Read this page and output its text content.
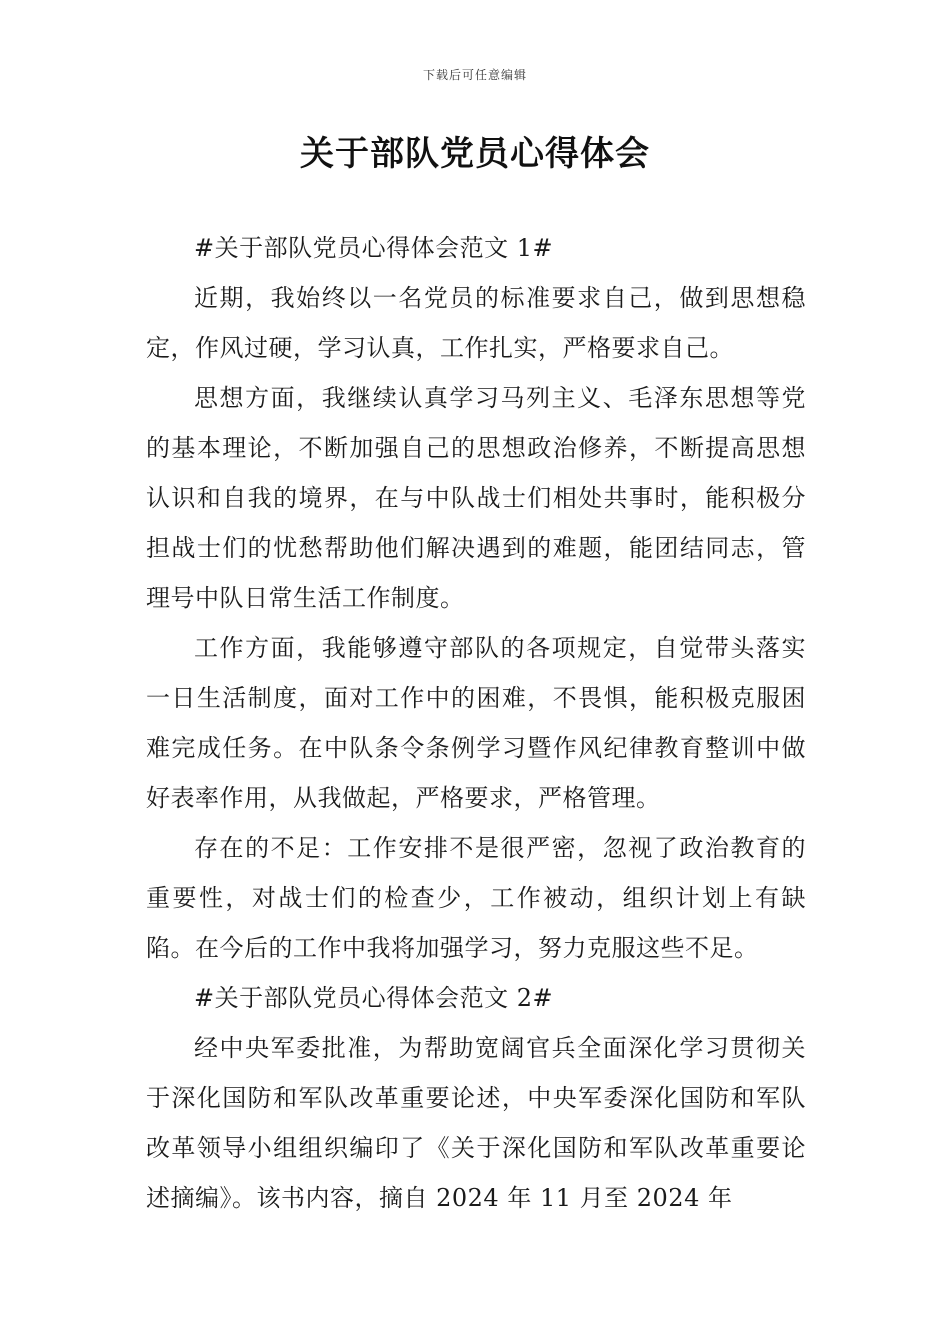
下载后可任意编辑
关于部队党员心得体会

#关于部队党员心得体会范文 1#

近期，我始终以一名党员的标准要求自己，做到思想稳定，作风过硬，学习认真，工作扎实，严格要求自己。

思想方面，我继续认真学习马列主义、毛泽东思想等党的基本理论，不断加强自己的思想政治修养，不断提高思想认识和自我的境界，在与中队战士们相处共事时，能积极分担战士们的忧愁帮助他们解决遇到的难题，能团结同志，管理号中队日常生活工作制度。

工作方面，我能够遵守部队的各项规定，自觉带头落实一日生活制度，面对工作中的困难，不畏惧，能积极克服困难完成任务。在中队条令条例学习暨作风纪律教育整训中做好表率作用，从我做起，严格要求，严格管理。

存在的不足：工作安排不是很严密，忽视了政治教育的重要性，对战士们的检查少，工作被动，组织计划上有缺陷。在今后的工作中我将加强学习，努力克服这些不足。

#关于部队党员心得体会范文 2#

经中央军委批准，为帮助宽阔官兵全面深化学习贯彻关于深化国防和军队改革重要论述，中央军委深化国防和军队改革领导小组组织编印了《关于深化国防和军队改革重要论述摘编》。该书内容，摘自 2024 年 11 月至 2024 年
